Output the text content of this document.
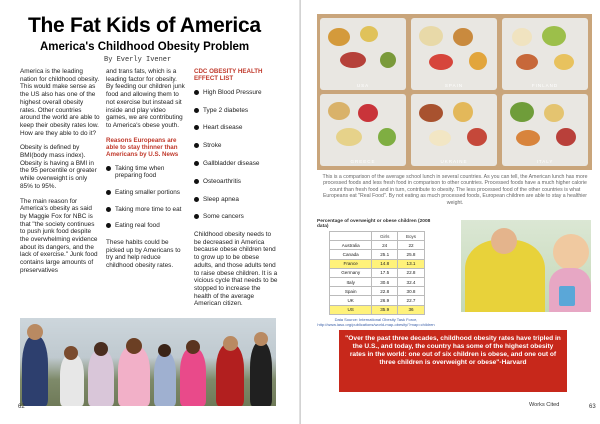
The Fat Kids of America
America's Childhood Obesity Problem
By Everly Ivener

America is the leading nation for childhood obesity. This would make sense as the US also has one of the highest overall obesity rates. Other countries around the world are able to keep their obesity rates low. How are they able to do it?

Obesity is defined by BMI(body mass index). Obesity is having a BMI in the 95 percentile or greater while overweight is only 85% to 95%.

The main reason for America's obesity as said by Maggie Fox for NBC is that "the society continues to push junk food despite the overwhelming evidence about its dangers, and the lack of exercise." Junk food contains large amounts of preservatives

and trans fats, which is a leading factor for obesity. By feeding our children junk food and allowing them to not exercise but instead sit inside and play video games, we are contributing to America's obese youth.

Reasons Europeans are able to stay thinner than Americans by U.S. News
Taking time when preparing food
Eating smaller portions
Taking more time to eat
Eating real food

These habits could be picked up by Americans to try and help reduce childhood obesity rates.

CDC OBESITY HEALTH EFFECT LIST
High Blood Pressure
Type 2 diabetes
Heart disease
Stroke
Gallbladder disease
Osteoarthritis
Sleep apnea
Some cancers

Childhood obesity needs to be decreased in America because obese children tend to grow up to be obese adults, and those adults tend to raise obese children. It is a vicious cycle that needs to be stopped to increase the health of the average American citizen.

62
USA	SPAIN	FINLAND
GREECE	UKRAINE	ITALY
This is a comparison of the average school lunch in several countries. As you can tell, the American lunch has more processed foods and less fresh food in comparison to other countries. Processed foods have a much higher calorie count than fresh food and in turn, contribute to obesity. The less processed food of the other countries is what Europeans eat "Real Food". By not eating as much processed foods, European children are able to stay a healthier weight.
Percentage of overweight or obese children (2008 data)
	Girls	Boys
Australia	24	22
Canada	25.1	25.8
France	14.8	13.1
Germany	17.5	22.8
Italy	30.6	32.4
Spain	22.8	30.8
UK	26.9	22.7
US	35.9	36
Data Source: International Obesity Task Force, http://www.iaso.org/publications/world-map-obesity/?map=children
"Over the past three decades, childhood obesity rates have tripled in the U.S., and today, the country has some of the highest obesity rates in the world: one out of six children is obese, and one out of three children is overweight or obese"-Harvard
Works Cited	63
